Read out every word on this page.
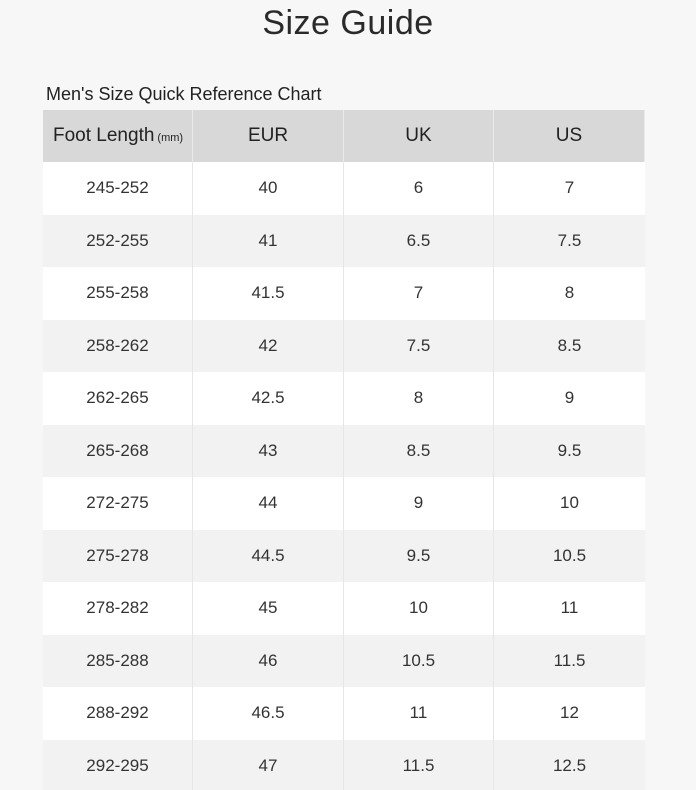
Size Guide
Men's Size Quick Reference Chart
Foot Length (mm)	EUR	UK	US
245-252	40	6	7
252-255	41	6.5	7.5
255-258	41.5	7	8
258-262	42	7.5	8.5
262-265	42.5	8	9
265-268	43	8.5	9.5
272-275	44	9	10
275-278	44.5	9.5	10.5
278-282	45	10	11
285-288	46	10.5	11.5
288-292	46.5	11	12
292-295	47	11.5	12.5
